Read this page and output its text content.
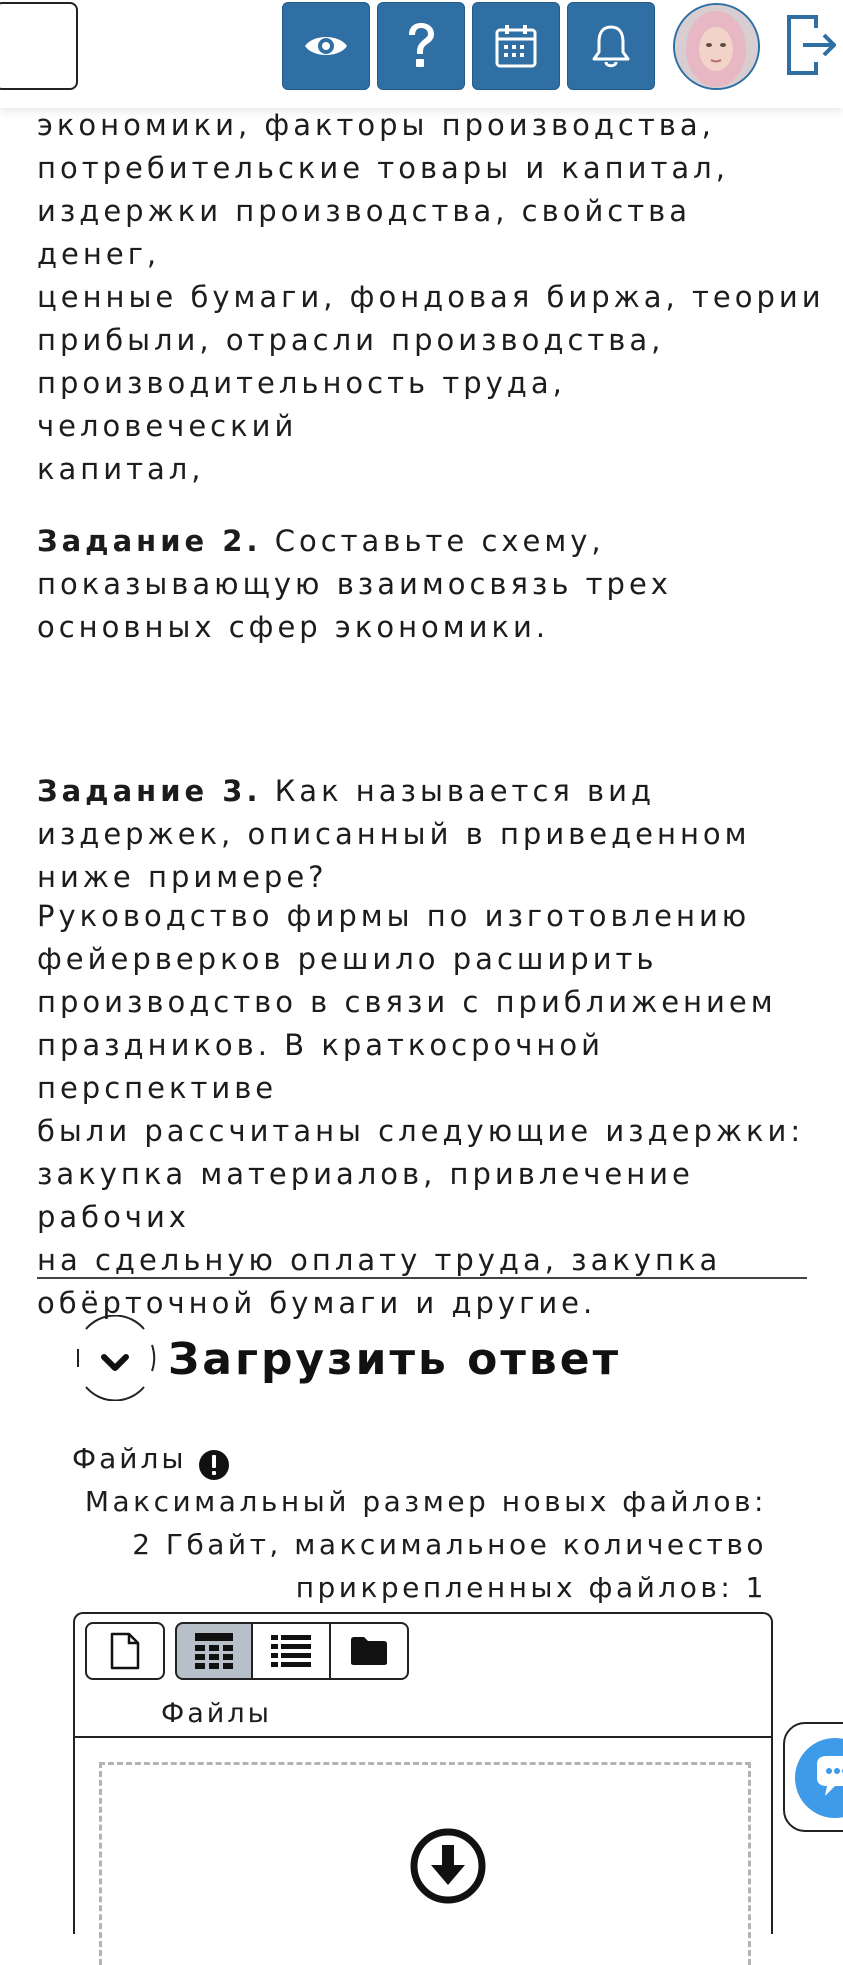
экономики, факторы производства,
потребительские товары и капитал,
издержки производства, свойства денег,
ценные бумаги, фондовая биржа, теории
прибыли, отрасли производства,
производительность труда, человеческий
капитал,

Задание 2. Составьте схему, показывающую взаимосвязь трех основных сфер экономики.

Задание 3. Как называется вид издержек, описанный в приведенном ниже примере?

Руководство фирмы по изготовлению
фейерверков решило расширить
производство в связи с приближением
праздников. В краткосрочной перспективе
были рассчитаны следующие издержки:
закупка материалов, привлечение рабочих
на сдельную оплату труда, закупка
обёрточной бумаги и другие.

Загрузить ответ
Файлы
Максимальный размер новых файлов:
2 Гбайт, максимальное количество
прикрепленных файлов: 1
Файлы
